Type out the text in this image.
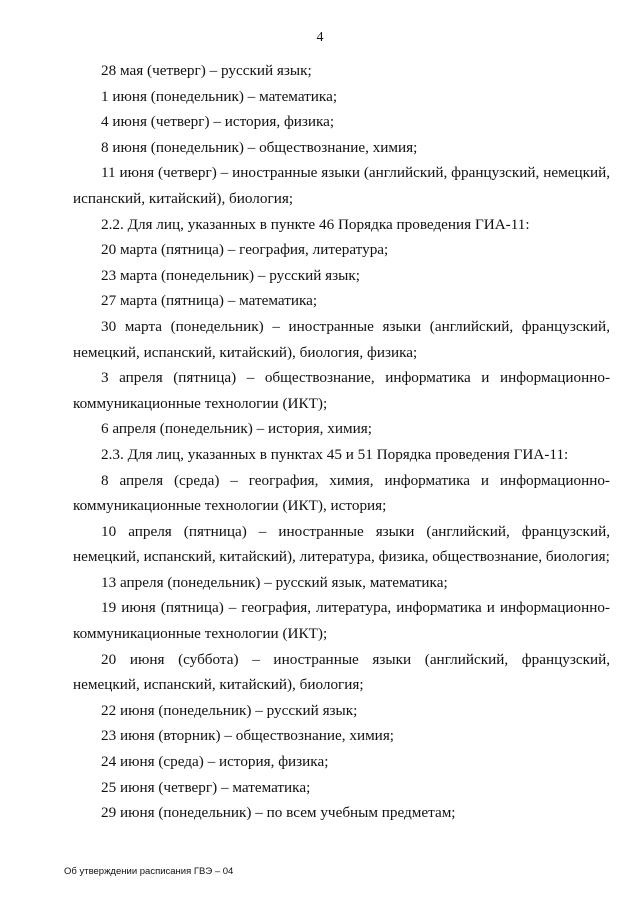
4

28 мая (четверг) – русский язык;

1 июня (понедельник) – математика;

4 июня (четверг) – история, физика;

8 июня (понедельник) – обществознание, химия;

11 июня (четверг) – иностранные языки (английский, французский, немецкий, испанский, китайский), биология;

2.2. Для лиц, указанных в пункте 46 Порядка проведения ГИА-11:

20 марта (пятница) – география, литература;

23 марта (понедельник) – русский язык;

27 марта (пятница) – математика;

30 марта (понедельник) – иностранные языки (английский, французский, немецкий, испанский, китайский), биология, физика;

3 апреля (пятница) – обществознание, информатика и информационно-коммуникационные технологии (ИКТ);

6 апреля (понедельник) – история, химия;

2.3. Для лиц, указанных в пунктах 45 и 51 Порядка проведения ГИА-11:

8 апреля (среда) – география, химия, информатика и информационно-коммуникационные технологии (ИКТ), история;

10 апреля (пятница) – иностранные языки (английский, французский, немецкий, испанский, китайский), литература, физика, обществознание, биология;

13 апреля (понедельник) – русский язык, математика;

19 июня (пятница) – география, литература, информатика и информационно-коммуникационные технологии (ИКТ);

20 июня (суббота) – иностранные языки (английский, французский, немецкий, испанский, китайский), биология;

22 июня (понедельник) – русский язык;

23 июня (вторник) – обществознание, химия;

24 июня (среда) – история, физика;

25 июня (четверг) – математика;

29 июня (понедельник) – по всем учебным предметам;

Об утверждении расписания ГВЭ – 04
